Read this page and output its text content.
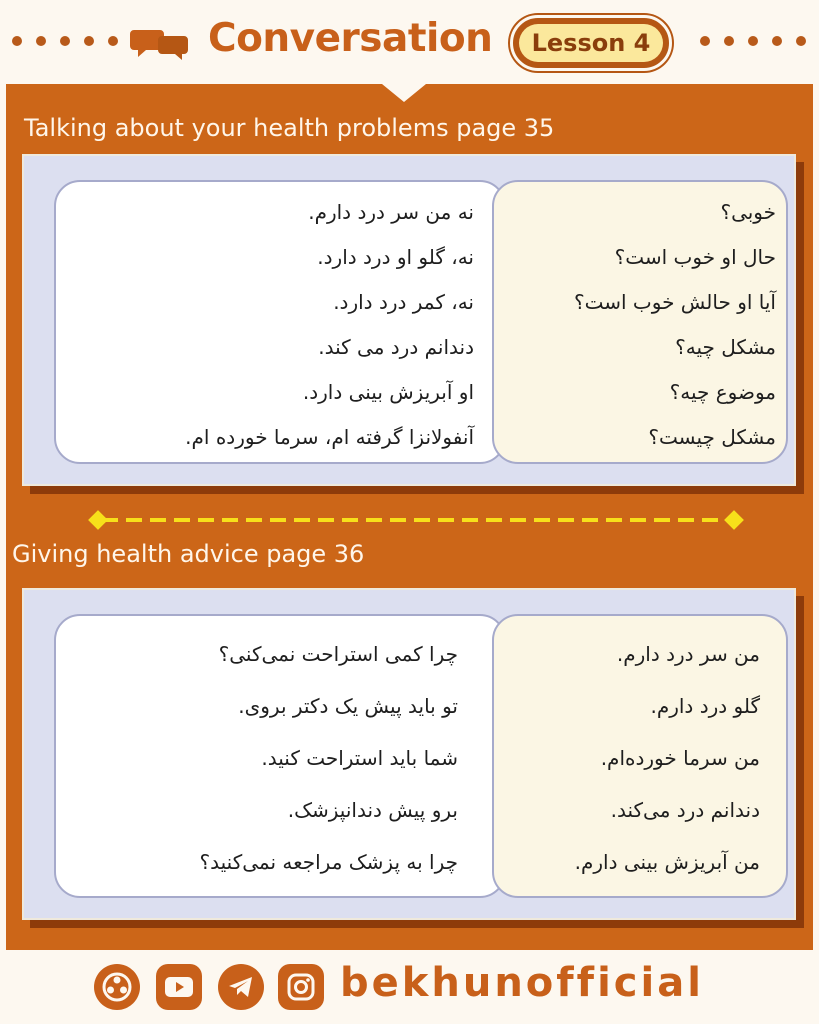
Conversation	Lesson 4
Talking about your health problems page 35
خوبی؟
حال او خوب است؟
آیا او حالش خوب است؟
مشکل چیه؟
موضوع چیه؟
مشکل چیست؟
نه من سر درد دارم.
نه، گلو او درد دارد.
نه، کمر درد دارد.
دندانم درد می کند.
او آبریزش بینی دارد.
آنفولانزا گرفته ام، سرما خورده ام.
Giving health advice page 36
من سر درد دارم.
گلو درد دارم.
من سرما خورده‌ام.
دندانم درد می‌کند.
من آبریزش بینی دارم.
چرا کمی استراحت نمی‌کنی؟
تو باید پیش یک دکتر بروی.
شما باید استراحت کنید.
برو پیش دندانپزشک.
چرا به پزشک مراجعه نمی‌کنید؟
bekhunofficial
